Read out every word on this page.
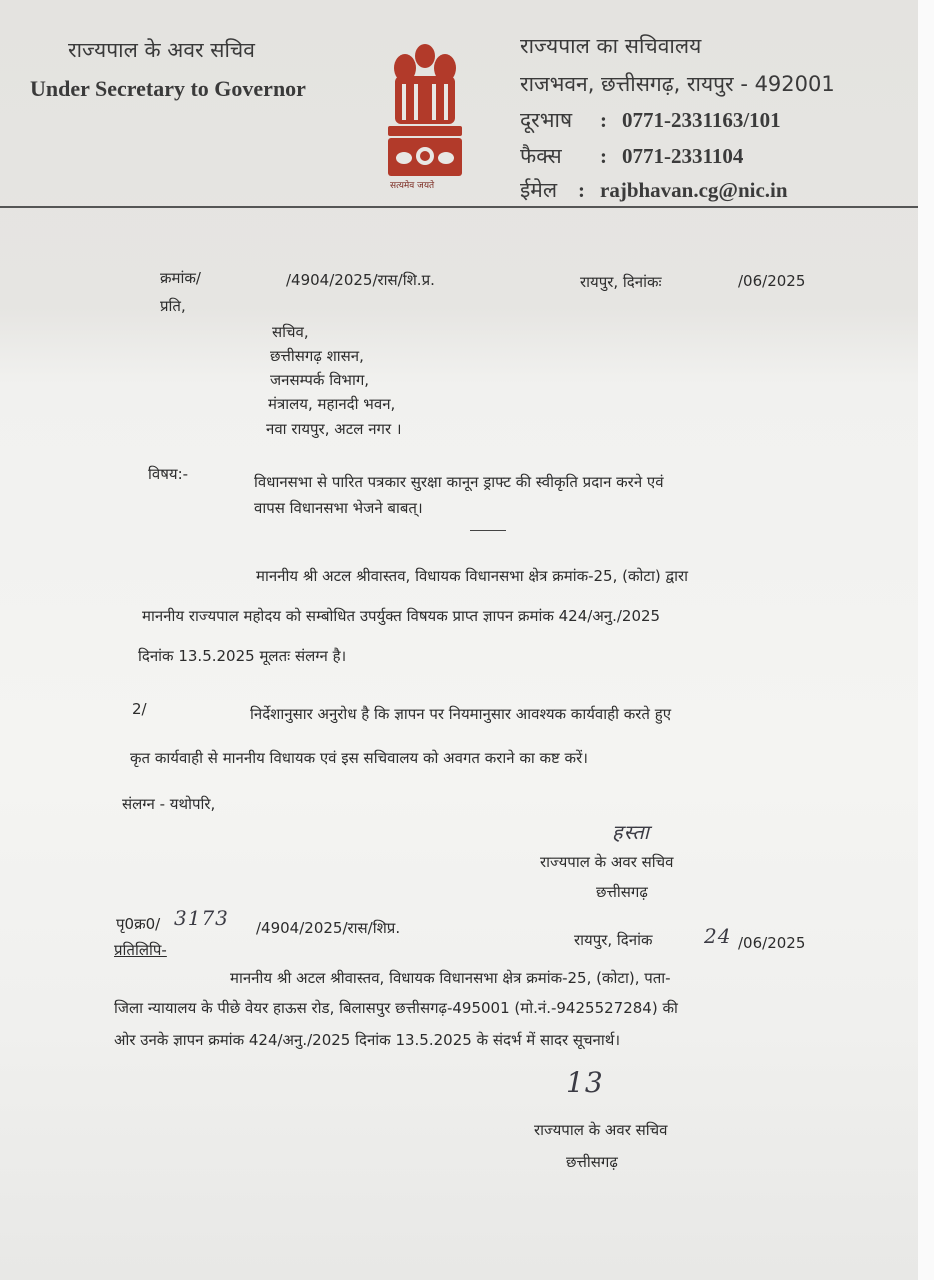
राज्यपाल के अवर सचिव
Under Secretary to Governor
सत्यमेव जयते
राज्यपाल का सचिवालय
राजभवन, छत्तीसगढ़, रायपुर - 492001
दूरभाष : 0771-2331163/101
फैक्स : 0771-2331104
ईमेल : rajbhavan.cg@nic.in
क्रमांक/	/4904/2025/रास/शि.प्र.	रायपुर, दिनांकः	/06/2025
प्रति,
सचिव,
छत्तीसगढ़ शासन,
जनसम्पर्क विभाग,
मंत्रालय, महानदी भवन,
नवा रायपुर, अटल नगर ।
विषय:-	विधानसभा से पारित पत्रकार सुरक्षा कानून ड्राफ्ट की स्वीकृति प्रदान करने एवं
वापस विधानसभा भेजने बाबत्।
माननीय श्री अटल श्रीवास्तव, विधायक विधानसभा क्षेत्र क्रमांक-25, (कोटा) द्वारा
माननीय राज्यपाल महोदय को सम्बोधित उपर्युक्त विषयक प्राप्त ज्ञापन क्रमांक 424/अनु./2025
दिनांक 13.5.2025 मूलतः संलग्न है।
2/	निर्देशानुसार अनुरोध है कि ज्ञापन पर नियमानुसार आवश्यक कार्यवाही करते हुए
कृत कार्यवाही से माननीय विधायक एवं इस सचिवालय को अवगत कराने का कष्ट करें।
संलग्न - यथोपरि,
हस्ता
राज्यपाल के अवर सचिव
छत्तीसगढ़
पृ0क्र0/ 3173 /4904/2025/रास/शिप्र.
रायपुर, दिनांक	24 /06/2025
प्रतिलिपि-
माननीय श्री अटल श्रीवास्तव, विधायक विधानसभा क्षेत्र क्रमांक-25, (कोटा), पता-
जिला न्यायालय के पीछे वेयर हाऊस रोड, बिलासपुर छत्तीसगढ़-495001 (मो.नं.-9425527284) की
ओर उनके ज्ञापन क्रमांक 424/अनु./2025 दिनांक 13.5.2025 के संदर्भ में सादर सूचनार्थ।
13
राज्यपाल के अवर सचिव
छत्तीसगढ़
